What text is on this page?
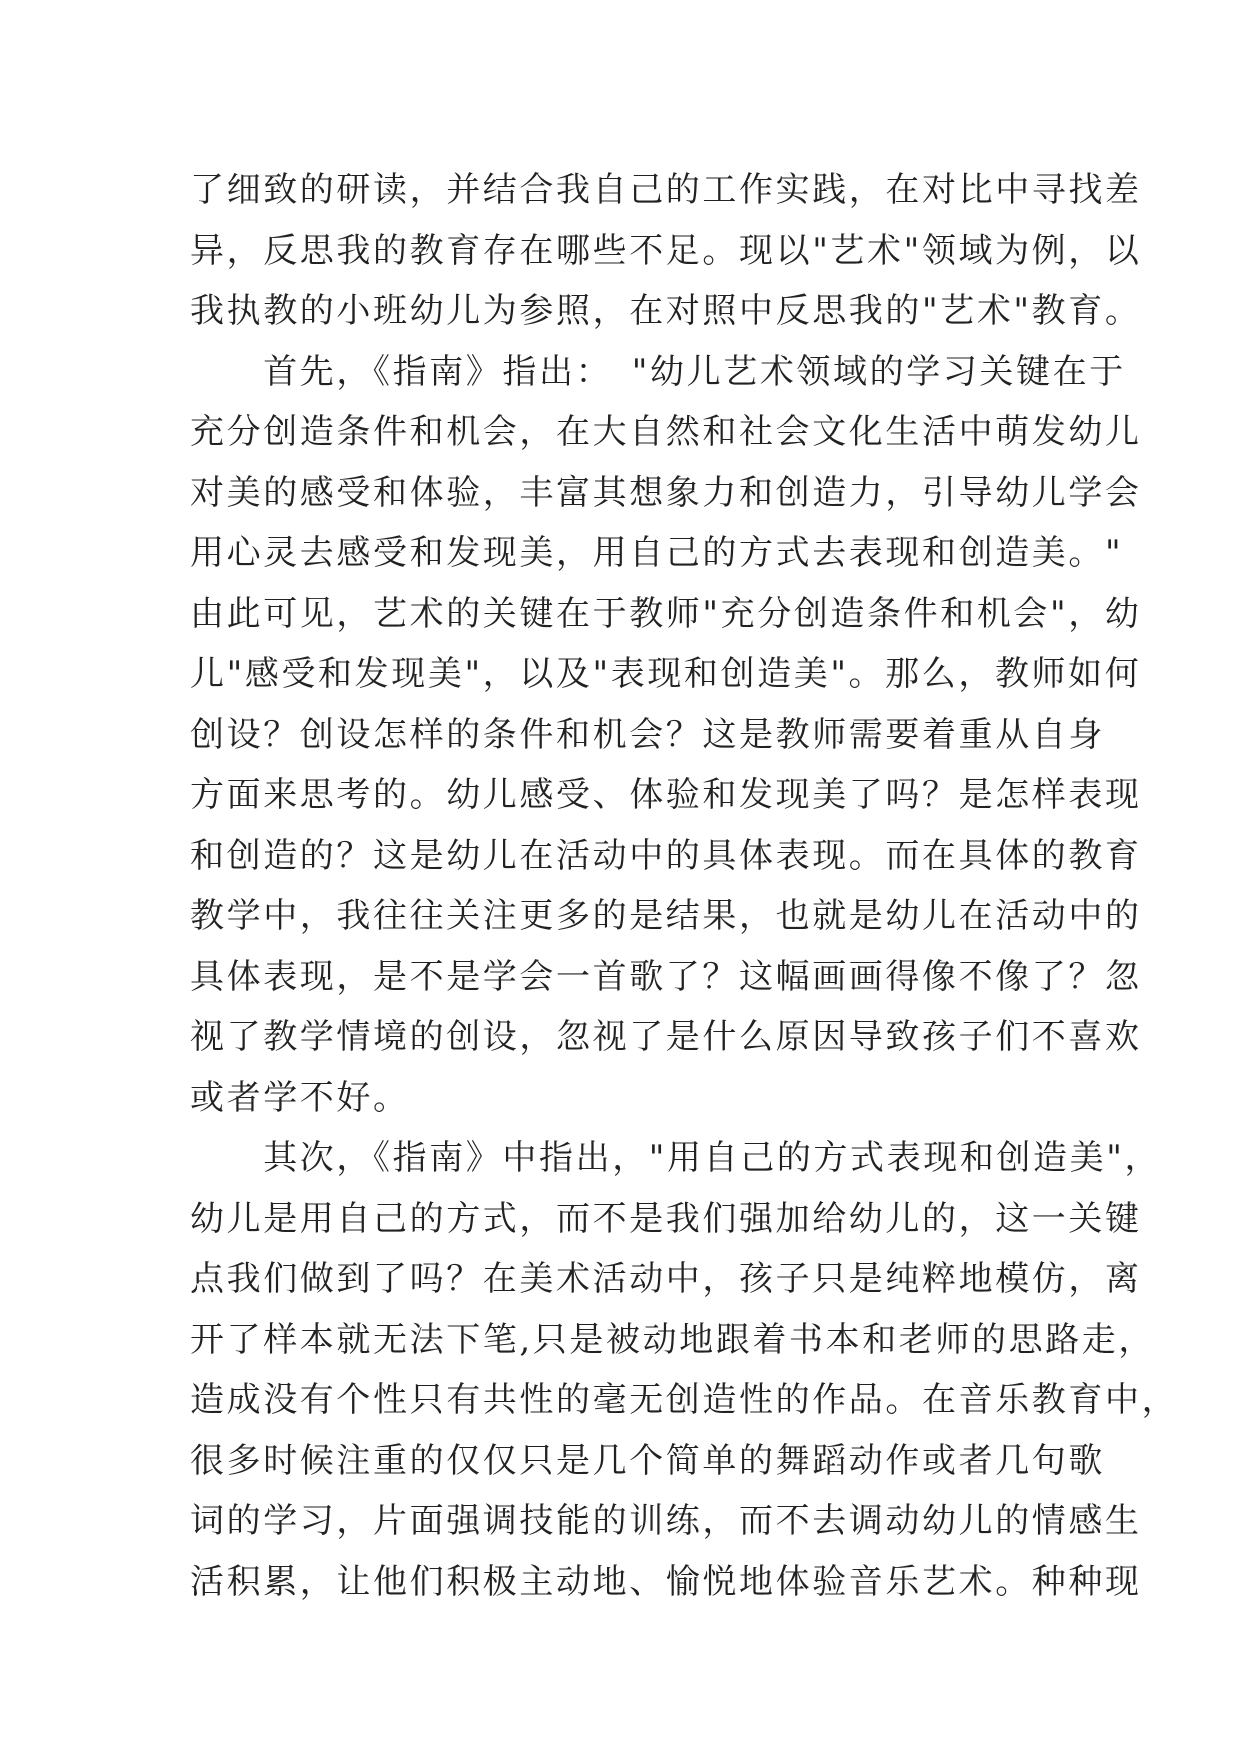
了细致的研读，并结合我自己的工作实践，在对比中寻找差
异，反思我的教育存在哪些不足。现以"艺术"领域为例，以
我执教的小班幼儿为参照，在对照中反思我的"艺术"教育。
　　首先，《指南》指出：　"幼儿艺术领域的学习关键在于
充分创造条件和机会，在大自然和社会文化生活中萌发幼儿
对美的感受和体验，丰富其想象力和创造力，引导幼儿学会
用心灵去感受和发现美，用自己的方式去表现和创造美。"
由此可见，艺术的关键在于教师"充分创造条件和机会"，幼
儿"感受和发现美"，以及"表现和创造美"。那么，教师如何
创设？创设怎样的条件和机会？这是教师需要着重从自身
方面来思考的。幼儿感受、体验和发现美了吗？是怎样表现
和创造的？这是幼儿在活动中的具体表现。而在具体的教育
教学中，我往往关注更多的是结果，也就是幼儿在活动中的
具体表现，是不是学会一首歌了？这幅画画得像不像了？忽
视了教学情境的创设，忽视了是什么原因导致孩子们不喜欢
或者学不好。
　　其次，《指南》中指出，"用自己的方式表现和创造美"，
幼儿是用自己的方式，而不是我们强加给幼儿的，这一关键
点我们做到了吗？在美术活动中，孩子只是纯粹地模仿，离
开了样本就无法下笔,只是被动地跟着书本和老师的思路走，
造成没有个性只有共性的毫无创造性的作品。在音乐教育中，
很多时候注重的仅仅只是几个简单的舞蹈动作或者几句歌
词的学习，片面强调技能的训练，而不去调动幼儿的情感生
活积累，让他们积极主动地、愉悦地体验音乐艺术。种种现
